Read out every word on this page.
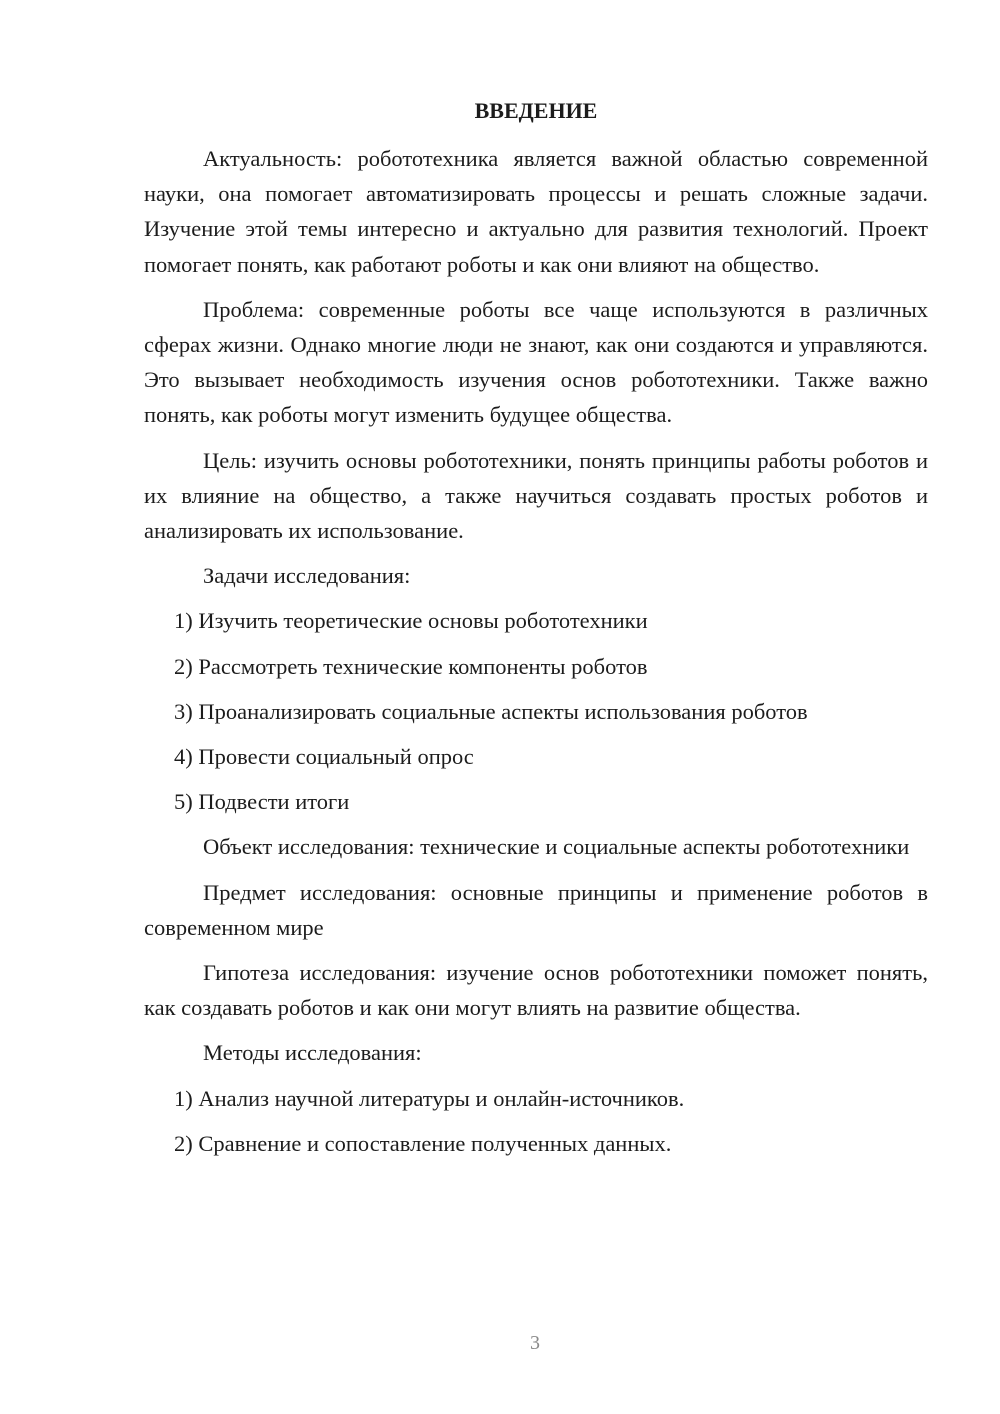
ВВЕДЕНИЕ

Актуальность: робототехника является важной областью современной науки, она помогает автоматизировать процессы и решать сложные задачи. Изучение этой темы интересно и актуально для развития технологий. Проект помогает понять, как работают роботы и как они влияют на общество.

Проблема: современные роботы все чаще используются в различных сферах жизни. Однако многие люди не знают, как они создаются и управляются. Это вызывает необходимость изучения основ робототехники. Также важно понять, как роботы могут изменить будущее общества.

Цель: изучить основы робототехники, понять принципы работы роботов и их влияние на общество, а также научиться создавать простых роботов и анализировать их использование.

Задачи исследования:
1) Изучить теоретические основы робототехники
2) Рассмотреть технические компоненты роботов
3) Проанализировать социальные аспекты использования роботов
4) Провести социальный опрос
5) Подвести итоги

Объект исследования: технические и социальные аспекты робототехники

Предмет исследования: основные принципы и применение роботов в современном мире

Гипотеза исследования: изучение основ робототехники поможет понять, как создавать роботов и как они могут влиять на развитие общества.

Методы исследования:
1) Анализ научной литературы и онлайн-источников.
2) Сравнение и сопоставление полученных данных.
3
